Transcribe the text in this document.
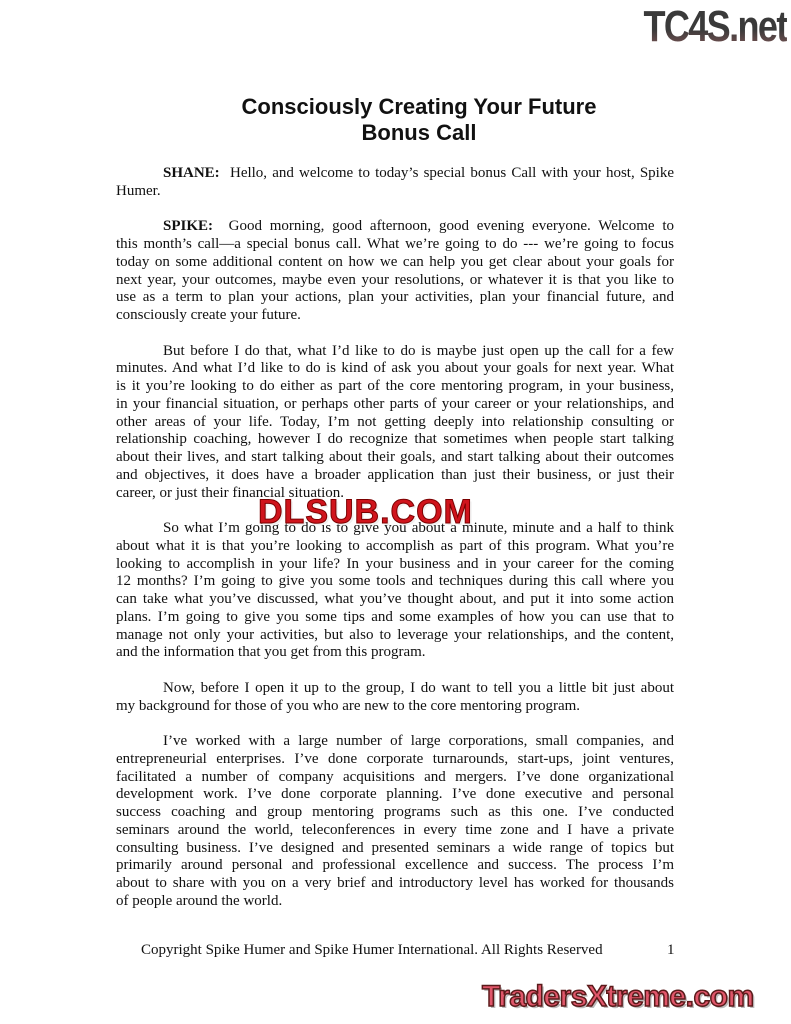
TC4S.net
Consciously Creating Your Future
Bonus Call
SHANE: Hello, and welcome to today’s special bonus Call with your host, Spike
Humer.
SPIKE: Good morning, good afternoon, good evening everyone. Welcome to
this month’s call—a special bonus call. What we’re going to do --- we’re going to focus
today on some additional content on how we can help you get clear about your goals for
next year, your outcomes, maybe even your resolutions, or whatever it is that you like to
use as a term to plan your actions, plan your activities, plan your financial future, and
consciously create your future.
But before I do that, what I’d like to do is maybe just open up the call for a few
minutes. And what I’d like to do is kind of ask you about your goals for next year. What
is it you’re looking to do either as part of the core mentoring program, in your business,
in your financial situation, or perhaps other parts of your career or your relationships, and
other areas of your life. Today, I’m not getting deeply into relationship consulting or
relationship coaching, however I do recognize that sometimes when people start talking
about their lives, and start talking about their goals, and start talking about their outcomes
and objectives, it does have a broader application than just their business, or just their
career, or just their financial situation.
So what I’m going to do is to give you about a minute, minute and a half to think
about what it is that you’re looking to accomplish as part of this program. What you’re
looking to accomplish in your life? In your business and in your career for the coming
12 months? I’m going to give you some tools and techniques during this call where you
can take what you’ve discussed, what you’ve thought about, and put it into some action
plans. I’m going to give you some tips and some examples of how you can use that to
manage not only your activities, but also to leverage your relationships, and the content,
and the information that you get from this program.
Now, before I open it up to the group, I do want to tell you a little bit just about
my background for those of you who are new to the core mentoring program.
I’ve worked with a large number of large corporations, small companies, and
entrepreneurial enterprises. I’ve done corporate turnarounds, start-ups, joint ventures,
facilitated a number of company acquisitions and mergers. I’ve done organizational
development work. I’ve done corporate planning. I’ve done executive and personal
success coaching and group mentoring programs such as this one. I’ve conducted
seminars around the world, teleconferences in every time zone and I have a private
consulting business. I’ve designed and presented seminars a wide range of topics but
primarily around personal and professional excellence and success. The process I’m
about to share with you on a very brief and introductory level has worked for thousands
of people around the world.
DLSUB.COM
Copyright Spike Humer and Spike Humer International. All Rights Reserved	1
TradersXtreme.com
